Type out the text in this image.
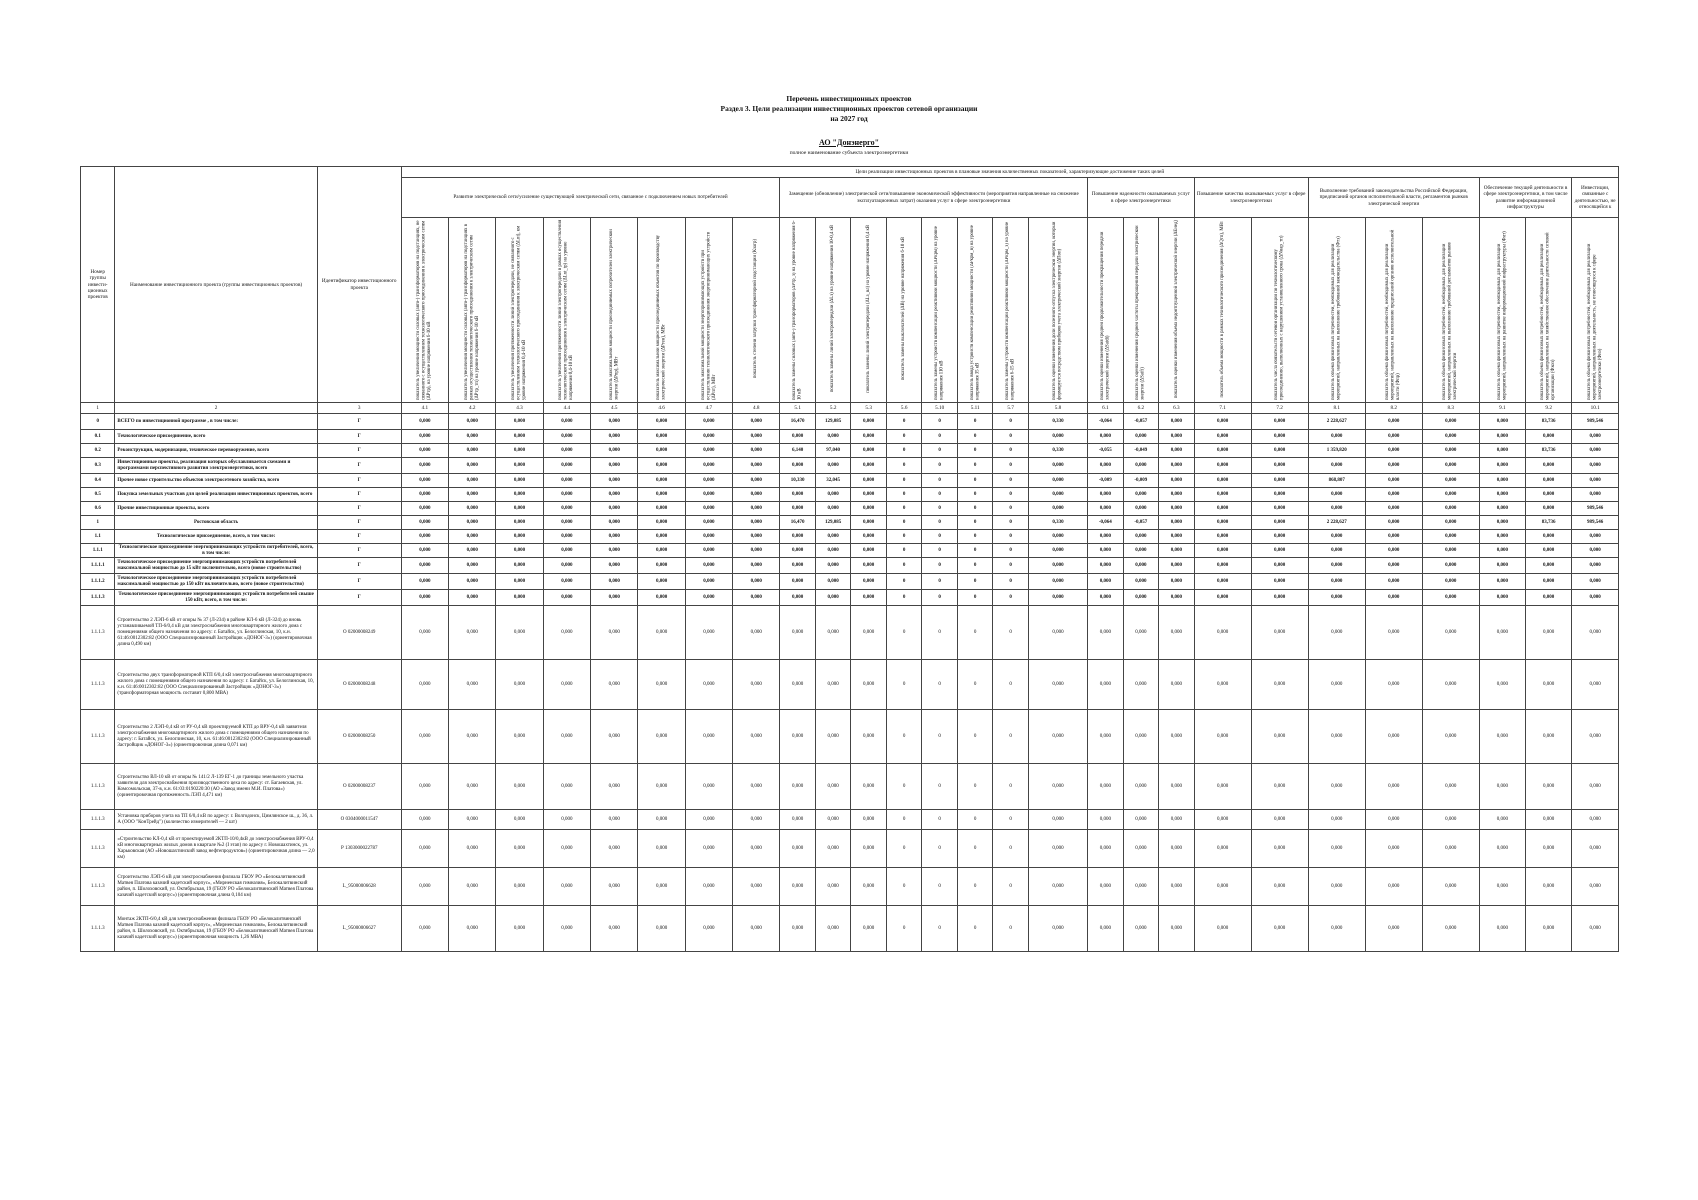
Перечень инвестиционных проектов
Раздел 3. Цели реализации инвестиционных проектов сетевой организации
на 2027 год
АО "Донэнерго"
полное наименование субъекта электроэнергетики
Номер группы инвести-ционных проектов	Наименование инвестиционного проекта (группы инвестиционных проектов)	Идентификатор инвестиционного проекта	Цели реализации инвестиционных проектов в плановые значения количественных показателей, характеризующие достижение таких целей																										
			Развитие электрической сети/усиление существующей электрической сети, связанное с подключением новых потребителей								Замещение (обновление) электрической сети/повышение экономической эффективности (мероприятия направленные на снижение эксплуатационных затрат) оказания услуг в сфере электроэнергетики								Повышение надежности оказываемых услуг в сфере электроэнергетики			Повышение качества оказываемых услуг в сфере электроэнергетики		Выполнение требований законодательства Российской Федерации, предписаний органов исполнительной власти, регламентов рынков электрической энергии			Обеспечение текущей деятельности в сфере электроэнергетики, в том числе развитие информационной инфраструктуры		Инвестиции, связанные с деятельностью, не относящейся к
			показатель увеличения мощности силовых (авто-) трансформаторов на подстанциях, не связанного с осуществлением технологического присоединения к электрическим сетям (ΔPтр), на уровне напряжения 6-10 кВ	показатель увеличения мощности силовых (авто-) трансформаторов на подстанциях в рамках осуществления технологического присоединения к электрическим сетям (ΔPтр_тп) на уровне напряжения 6-10 кВ	показатель увеличения протяженности линий электропередачи, не связанного с осуществлением технологического присоединения к электрическим сетям (ΔLnt), км уровне напряжения 0,4-10 кВ	показатель увеличения протяженности линий электропередачи в рамках осуществления технологического присоединения к электрическим сетям (ΔLnt_tp) на уровне напряжения 0,4-10 кВ	показатель максимальной мощности присоединяемых потребителей электрической энергии (ΔPпр), МВт	показатель максимальной мощности присоединяемых объектов по производству электрической энергии (ΔPген), МВт	показатель максимальной мощности энергопринимающих устройств при осуществлении технологического присоединения энергопринимающих устройств (ΔPпт), МВт	показатель степени загрузки трансформаторной подстанции (Кзагр)	показатель замены силовых (авто-) трансформаторов (ΔPтр_з) на уровне напряжения 6-10 кВ	показатель замены линий электропередачи (ΔLз) на уровне напряжения 10-0,4 кВ	показатель замены линий электропередачи (ΔLз_вл) на уровне напряжения 0,4 кВ	показатель замены выключателей (ΔВ) на уровне напряжения 6-10 кВ	показатель замены устройств компенсации реактивной мощности (ΔPкрм) на уровне напряжения 110 кВ	показатель ввода устройств компенсации реактивной мощности (ΔPкрм_в) на уровне напряжения 35 кВ	показатель замены устройств компенсации реактивной мощности (ΔPкрм_з) на уровне напряжения 6-15 кВ	показатель оценки изменения доли полезного отпуска электрической энергии, который формируется посредством приборов учета электрической энергии (ΔПоп)	показатель оценки изменения средней продолжительности прекращения передачи электрической энергии (ΔSaidi)	показатель оценки изменения средней частоты прекращения передачи электрической энергии (ΔSaifi)	показатель оценки изменения объема недоотпущенной электрической энергии (ΔEнед)	показатель объема мощности в рамках технологического присоединения (ΔQтп), МВт	показатель числа обязательств сетевой организации по технологическому присоединению, выполненных с нарушением установленного срока (ΔNнар_тп)	показатель объема финансовых потребностей, необходимых для реализации мероприятий, направленных на выполнение требований законодательства (Фтз)	показатель объема финансовых потребностей, необходимых для реализации мероприятий, направленных на выполнение предписаний органов исполнительной власти (Фпр)	показатель объема финансовых потребностей, необходимых для реализации мероприятий, направленных на выполнение требований регламентов рынков электрической энергии	показатель объема финансовых потребностей, необходимых для реализации мероприятий, направленных на развитие информационной инфраструктуры (Фит)	показатель объема финансовых потребностей, необходимых для реализации мероприятий, направленных на хозяйственное обеспечение деятельности сетевой организации (Фхоз)	показатель объема финансовых потребностей, необходимых для реализации мероприятий, направленных на деятельность, не относящуюся к сфере электроэнергетики (Фнэ)
1	2	3	4.1	4.2	4.3	4.4	4.5	4.6	4.7	4.8	5.1	5.2	5.3	5.6	5.10	5.11	5.7	5.8	6.1	6.2	6.3	7.1	7.2	8.1	8.2	8.3	9.1	9.2	10.1
0	ВСЕГО по инвестиционной программе , в том числе:	Г	0,000	0,000	0,000	0,000	0,000	0,000	0,000	0,000	16,470	129,085	0,000	0	0	0	0	0,330	-0,064	-0,057	0,000	0,000	0,000	2 228,627	0,000	0,000	0,000	83,736	989,546
0.1	Технологическое присоединение, всего	Г	0,000	0,000	0,000	0,000	0,000	0,000	0,000	0,000	0,000	0,000	0,000	0	0	0	0	0,000	0,000	0,000	0,000	0,000	0,000	0,000	0,000	0,000	0,000	0,000	0,000
0.2	Реконструкция, модернизация, техническое перевооружение, всего	Г	0,000	0,000	0,000	0,000	0,000	0,000	0,000	0,000	6,140	97,040	0,000	0	0	0	0	0,330	-0,055	-0,049	0,000	0,000	0,000	1 359,820	0,000	0,000	0,000	83,736	0,000
0.3	Инвестиционные проекты, реализация которых обуславливается схемами и программами перспективного развития электроэнергетики, всего	Г	0,000	0,000	0,000	0,000	0,000	0,000	0,000	0,000	0,000	0,000	0,000	0	0	0	0	0,000	0,000	0,000	0,000	0,000	0,000	0,000	0,000	0,000	0,000	0,000	0,000
0.4	Прочее новое строительство объектов электросетевого хозяйства, всего	Г	0,000	0,000	0,000	0,000	0,000	0,000	0,000	0,000	10,330	32,045	0,000	0	0	0	0	0,000	-0,009	-0,009	0,000	0,000	0,000	868,807	0,000	0,000	0,000	0,000	0,000
0.5	Покупка земельных участков для целей реализации инвестиционных проектов, всего	Г	0,000	0,000	0,000	0,000	0,000	0,000	0,000	0,000	0,000	0,000	0,000	0	0	0	0	0,000	0,000	0,000	0,000	0,000	0,000	0,000	0,000	0,000	0,000	0,000	0,000
0.6	Прочие инвестиционные проекты, всего	Г	0,000	0,000	0,000	0,000	0,000	0,000	0,000	0,000	0,000	0,000	0,000	0	0	0	0	0,000	0,000	0,000	0,000	0,000	0,000	0,000	0,000	0,000	0,000	0,000	989,546
1	Ростовская область	Г	0,000	0,000	0,000	0,000	0,000	0,000	0,000	0,000	16,470	129,085	0,000	0	0	0	0	0,330	-0,064	-0,057	0,000	0,000	0,000	2 228,627	0,000	0,000	0,000	83,736	989,546
1.1	Технологическое присоединение, всего, в том числе:	Г	0,000	0,000	0,000	0,000	0,000	0,000	0,000	0,000	0,000	0,000	0,000	0	0	0	0	0,000	0,000	0,000	0,000	0,000	0,000	0,000	0,000	0,000	0,000	0,000	0,000
1.1.1	Технологическое присоединение энергопринимающих устройств потребителей, всего, в том числе:	Г	0,000	0,000	0,000	0,000	0,000	0,000	0,000	0,000	0,000	0,000	0,000	0	0	0	0	0,000	0,000	0,000	0,000	0,000	0,000	0,000	0,000	0,000	0,000	0,000	0,000
1.1.1.1	Технологическое присоединение энергопринимающих устройств потребителей максимальной мощностью до 15 кВт включительно, всего (новое строительство)	Г	0,000	0,000	0,000	0,000	0,000	0,000	0,000	0,000	0,000	0,000	0,000	0	0	0	0	0,000	0,000	0,000	0,000	0,000	0,000	0,000	0,000	0,000	0,000	0,000	0,000
1.1.1.2	Технологическое присоединение энергопринимающих устройств потребителей максимальной мощностью до 150 кВт включительно, всего (новое строительство)	Г	0,000	0,000	0,000	0,000	0,000	0,000	0,000	0,000	0,000	0,000	0,000	0	0	0	0	0,000	0,000	0,000	0,000	0,000	0,000	0,000	0,000	0,000	0,000	0,000	0,000
1.1.1.3	Технологическое присоединение энергопринимающих устройств потребителей свыше 150 кВт, всего, в том числе:	Г	0,000	0,000	0,000	0,000	0,000	0,000	0,000	0,000	0,000	0,000	0,000	0	0	0	0	0,000	0,000	0,000	0,000	0,000	0,000	0,000	0,000	0,000	0,000	0,000	0,000
1.1.1.3	Строительство 2 ЛЭП-6 кВ от опоры № 37 (Л-234) в районе КЛ-6 кВ (Л-324) до вновь устанавливаемой ТП-6/0,4 кВ для электроснабжения многоквартирного жилого дома с помещениями общего назначения по адресу: г. Батайск, ул. Белоглинская, 10, к.н. 61:46:0012302:82 (ООО Специализированный Застройщик «ДОНОГ-3») (ориентировочная длина 0,490 км)	О 02000008249	0,000	0,000	0,000	0,000	0,000	0,000	0,000	0,000	0,000	0,000	0,000	0	0	0	0	0,000	0,000	0,000	0,000	0,000	0,000	0,000	0,000	0,000	0,000	0,000	0,000
1.1.1.3	Строительство двух трансформаторной КТП 6/0,4 кВ электроснабжения многоквартирного жилого дома с помещениями общего назначения по адресу: г. Батайск, ул. Белоглинская, 10, к.н. 61:46:0012302:82 (ООО Специализированный Застройщик «ДОНОГ-3») (трансформаторная мощность составит 0,800 МВА)	О 02000008248	0,000	0,000	0,000	0,000	0,000	0,000	0,000	0,000	0,000	0,000	0,000	0	0	0	0	0,000	0,000	0,000	0,000	0,000	0,000	0,000	0,000	0,000	0,000	0,000	0,000
1.1.1.3	Строительство 2 ЛЭП-0,4 кВ от РУ-0,4 кВ проектируемой КТП до ВРУ-0,4 кВ заявителя электроснабжения многоквартирного жилого дома с помещениями общего назначения по адресу: г. Батайск, ул. Белоглинская, 10, к.н. 61:46:0012302:82 (ООО Специализированный Застройщик «ДОНОГ-3») (ориентировочная длина 0,071 км)	О 02000008250	0,000	0,000	0,000	0,000	0,000	0,000	0,000	0,000	0,000	0,000	0,000	0	0	0	0	0,000	0,000	0,000	0,000	0,000	0,000	0,000	0,000	0,000	0,000	0,000	0,000
1.1.1.3	Строительство ВЛ-10 кВ от опоры № 141/2 Л-139 ЕГ-1 до границы земельного участка заявителя для электроснабжения производственного цеха по адресу: ст. Багаевская, ул. Комсомольская, 37-в, к.н. 61:03:0190220:30 (АО «Завод имени М.И. Платова») (ориентировочная протяженность ЛЭП 4,471 км)	О 02000008237	0,000	0,000	0,000	0,000	0,000	0,000	0,000	0,000	0,000	0,000	0,000	0	0	0	0	0,000	0,000	0,000	0,000	0,000	0,000	0,000	0,000	0,000	0,000	0,000	0,000
1.1.1.3	Установка приборов учета на ТП 6/0,4 кВ по адресу: г. Волгодонск, Цимлянское ш., д. 36, л. А (ООО "КонТрейд") (количество измерителей — 2 шт)	О 0304000011547	0,000	0,000	0,000	0,000	0,000	0,000	0,000	0,000	0,000	0,000	0,000	0	0	0	0	0,000	0,000	0,000	0,000	0,000	0,000	0,000	0,000	0,000	0,000	0,000	0,000
1.1.1.3	«Строительство КЛ-0,4 кВ от проектируемой 2КТП-10/0,4кВ до электроснабжения ВРУ-0,4 кВ многоквартирных жилых домов в квартале №2 (I этап) по адресу г. Новошахтинск, ул. Харьковская (АО «Новошахтинский завод нефтепродуктов») (ориентировочная длина — 2,0 км)	Р 1303000022787	0,000	0,000	0,000	0,000	0,000	0,000	0,000	0,000	0,000	0,000	0,000	0	0	0	0	0,000	0,000	0,000	0,000	0,000	0,000	0,000	0,000	0,000	0,000	0,000	0,000
1.1.1.3	Строительство ЛЭП-6 кВ для электроснабжения филиала ГБОУ РО «Белокалитвинский Матвея Платова казачий кадетский корпус», «Мирненская гимназия», Белокалитвинский район, п. Шолоховский, ул. Октябрьская, 19 (ГБОУ РО «Белокалитвинский Матвея Платова казачий кадетский корпус») (ориентировочная длина 0,104 км)	L_95000006628	0,000	0,000	0,000	0,000	0,000	0,000	0,000	0,000	0,000	0,000	0,000	0	0	0	0	0,000	0,000	0,000	0,000	0,000	0,000	0,000	0,000	0,000	0,000	0,000	0,000
1.1.1.3	Монтаж 2КТП-6/0,4 кВ для электроснабжения филиала ГБОУ РО «Белокалитвинский Матвея Платова казачий кадетский корпус», «Мирненская гимназия», Белокалитвинский район, п. Шолоховский, ул. Октябрьская, 19 (ГБОУ РО «Белокалитвинский Матвея Платова казачий кадетский корпус») (ориентировочная мощность 1,26 МВА)	L_95000006627	0,000	0,000	0,000	0,000	0,000	0,000	0,000	0,000	0,000	0,000	0,000	0	0	0	0	0,000	0,000	0,000	0,000	0,000	0,000	0,000	0,000	0,000	0,000	0,000	0,000
